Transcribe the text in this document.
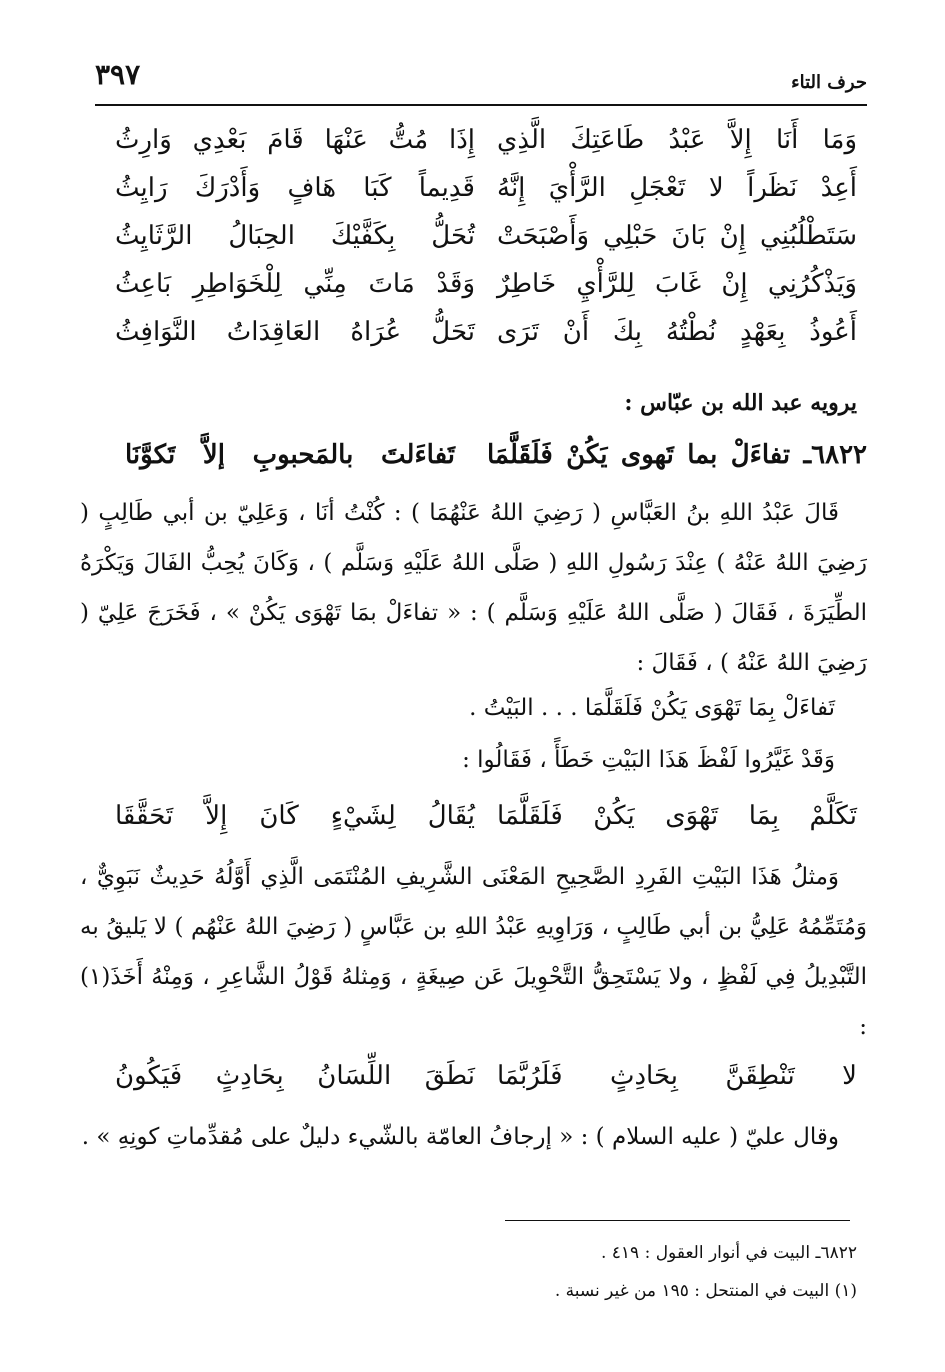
حرف التاء
٣٩٧
وَمَا أَنَا إِلاَّ عَبْدُ طَاعَتِكَ الَّذِي
إِذَا مُتُّ عَنْهَا قَامَ بَعْدِي وَارِثُ
أَعِدْ نَظَراً لا تَعْجَلِ الرَّأْيَ إِنَّهُ
قَدِيماً كَبَا هَافٍ وَأَدْرَكَ رَايِثُ
سَتَطْلُبُنِي إِنْ بَانَ حَبْلِي وَأَصْبَحَتْ
تُحَلُّ بِكَفَّيْكَ الحِبَالُ الرَّثَايِثُ
وَيَذْكُرُنِي إِنْ غَابَ لِلرَّأْيِ خَاطِرٌ
وَقَدْ مَاتَ مِنِّي لِلْخَوَاطِرِ بَاعِثُ
أَعُوذُ بِعَهْدٍ نُطْتُهُ بِكَ أَنْ تَرَى
تَحَلُّ عُرَاهُ العَاقِدَاتُ النَّوَافِثُ
يرويه عبد الله بن عبّاس :
٦٨٢٢ـ تفاءَلْ بما تَهوى يَكُنْ فَلَقَلَّمَا
تَفاءَلتَ بالمَحبوبِ إلاَّ تَكوَّنَا

قَالَ عَبْدُ اللهِ بنُ العَبَّاسِ ( رَضِيَ اللهُ عَنْهُمَا ) : كُنْتُ أنَا ، وَعَلِيّ بن أبي طَالِبٍ ( رَضِيَ اللهُ عَنْهُ ) عِنْدَ رَسُولِ اللهِ ( صَلَّى اللهُ عَلَيْهِ وَسَلَّم ) ، وَكَانَ يُحِبُّ الفَالَ وَيَكْرَهُ الطِّيَرَةَ ، فَقَالَ ( صَلَّى اللهُ عَلَيْهِ وَسَلَّم ) : « تفاءَلْ بمَا تَهْوَى يَكُنْ » ، فَخَرَجَ عَلِيّ ( رَضِيَ اللهُ عَنْهُ ) ، فَقَالَ :

تَفاءَلْ بِمَا تَهْوَى يَكُنْ فَلَقَلَّمَا . . . البَيْتُ .
وَقَدْ غَيَّرُوا لَفْظَ هَذَا البَيْتِ خَطَأً ، فَقَالُوا :
تَكَلَّمْ بِمَا تَهْوَى يَكُنْ فَلَقَلَّمَا
يُقَالُ لِشَيْءٍ كَانَ إِلاَّ تَحَقَّقَا

وَمثلُ هَذَا البَيْتِ الفَرِدِ الصَّحِيحِ المَعْنَى الشَّرِيفِ المُنْتَمَى الَّذِي أَوَّلُهُ حَدِيثٌ نَبَوِيٌّ ، وَمُتَمِّمُهُ عَلِيُّ بن أبي طَالِبٍ ، وَرَاوِيهِ عَبْدُ اللهِ بن عَبَّاسٍ ( رَضِيَ اللهُ عَنْهُم ) لا يَليقُ به التَّبْدِيلُ فِي لَفْظٍ ، ولا يَسْتَحِقُّ التَّحْوِيلَ عَن صِيغَةٍ ، وَمِثلهُ قَوْلُ الشَّاعِرِ ، وَمِنْهُ أَخَذَ(١) :

لا تَنْطِقَنَّ بِحَادِثٍ فَلَرُبَّمَا
نَطَقَ اللِّسَانُ بِحَادِثٍ فَيَكُونُ

وقال عليّ ( عليه السلام ) : « إرجافُ العامّة بالشّيء دليلٌ على مُقدِّماتِ كونِهِ » .

٦٨٢٢ـ البيت في أنوار العقول : ٤١٩ .
(١) البيت في المنتحل : ١٩٥ من غير نسبة .
